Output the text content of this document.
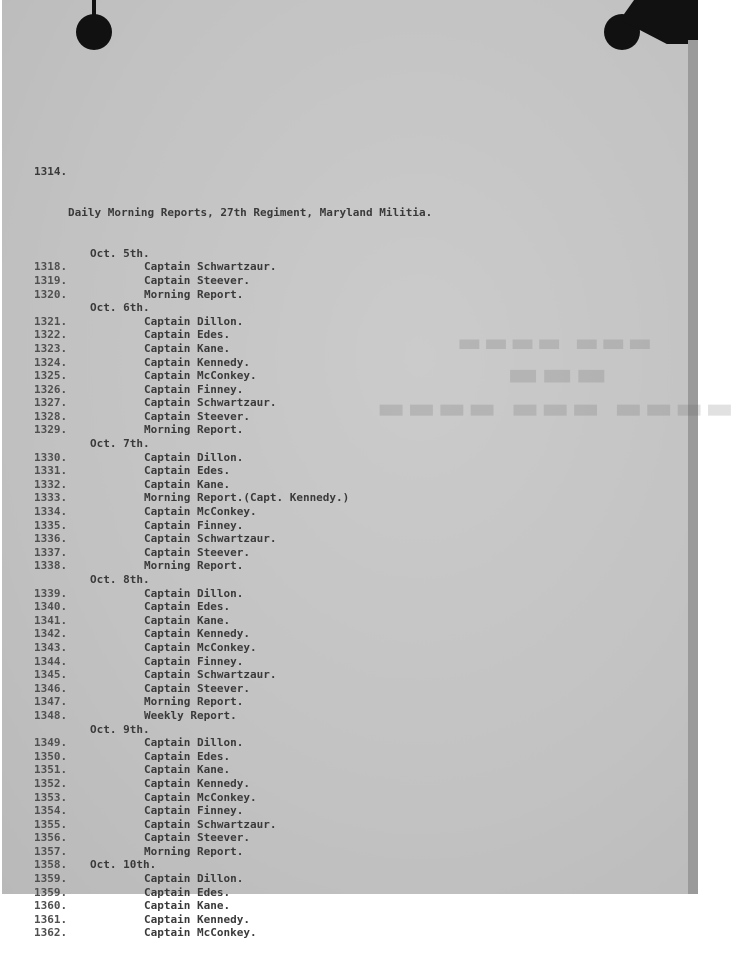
▬▬▬▬ ▬▬▬
▬▬▬
▬▬▬▬ ▬▬▬ ▬▬▬▬

1314.

Daily Morning Reports, 27th Regiment, Maryland Militia.

Oct. 5th.
1318.	Captain Schwartzaur.
1319.	Captain Steever.
1320.	Morning Report.
Oct. 6th.
1321.	Captain Dillon.
1322.	Captain Edes.
1323.	Captain Kane.
1324.	Captain Kennedy.
1325.	Captain McConkey.
1326.	Captain Finney.
1327.	Captain Schwartzaur.
1328.	Captain Steever.
1329.	Morning Report.
Oct. 7th.
1330.	Captain Dillon.
1331.	Captain Edes.
1332.	Captain Kane.
1333.	Morning Report.(Capt. Kennedy.)
1334.	Captain McConkey.
1335.	Captain Finney.
1336.	Captain Schwartzaur.
1337.	Captain Steever.
1338.	Morning Report.
Oct. 8th.
1339.	Captain Dillon.
1340.	Captain Edes.
1341.	Captain Kane.
1342.	Captain Kennedy.
1343.	Captain McConkey.
1344.	Captain Finney.
1345.	Captain Schwartzaur.
1346.	Captain Steever.
1347.	Morning Report.
1348.	Weekly Report.
Oct. 9th.
1349.	Captain Dillon.
1350.	Captain Edes.
1351.	Captain Kane.
1352.	Captain Kennedy.
1353.	Captain McConkey.
1354.	Captain Finney.
1355.	Captain Schwartzaur.
1356.	Captain Steever.
1357.	Morning Report.
1358.	Oct. 10th.
1359.	Captain Dillon.
1359.	Captain Edes.
1360.	Captain Kane.
1361.	Captain Kennedy.
1362.	Captain McConkey.
